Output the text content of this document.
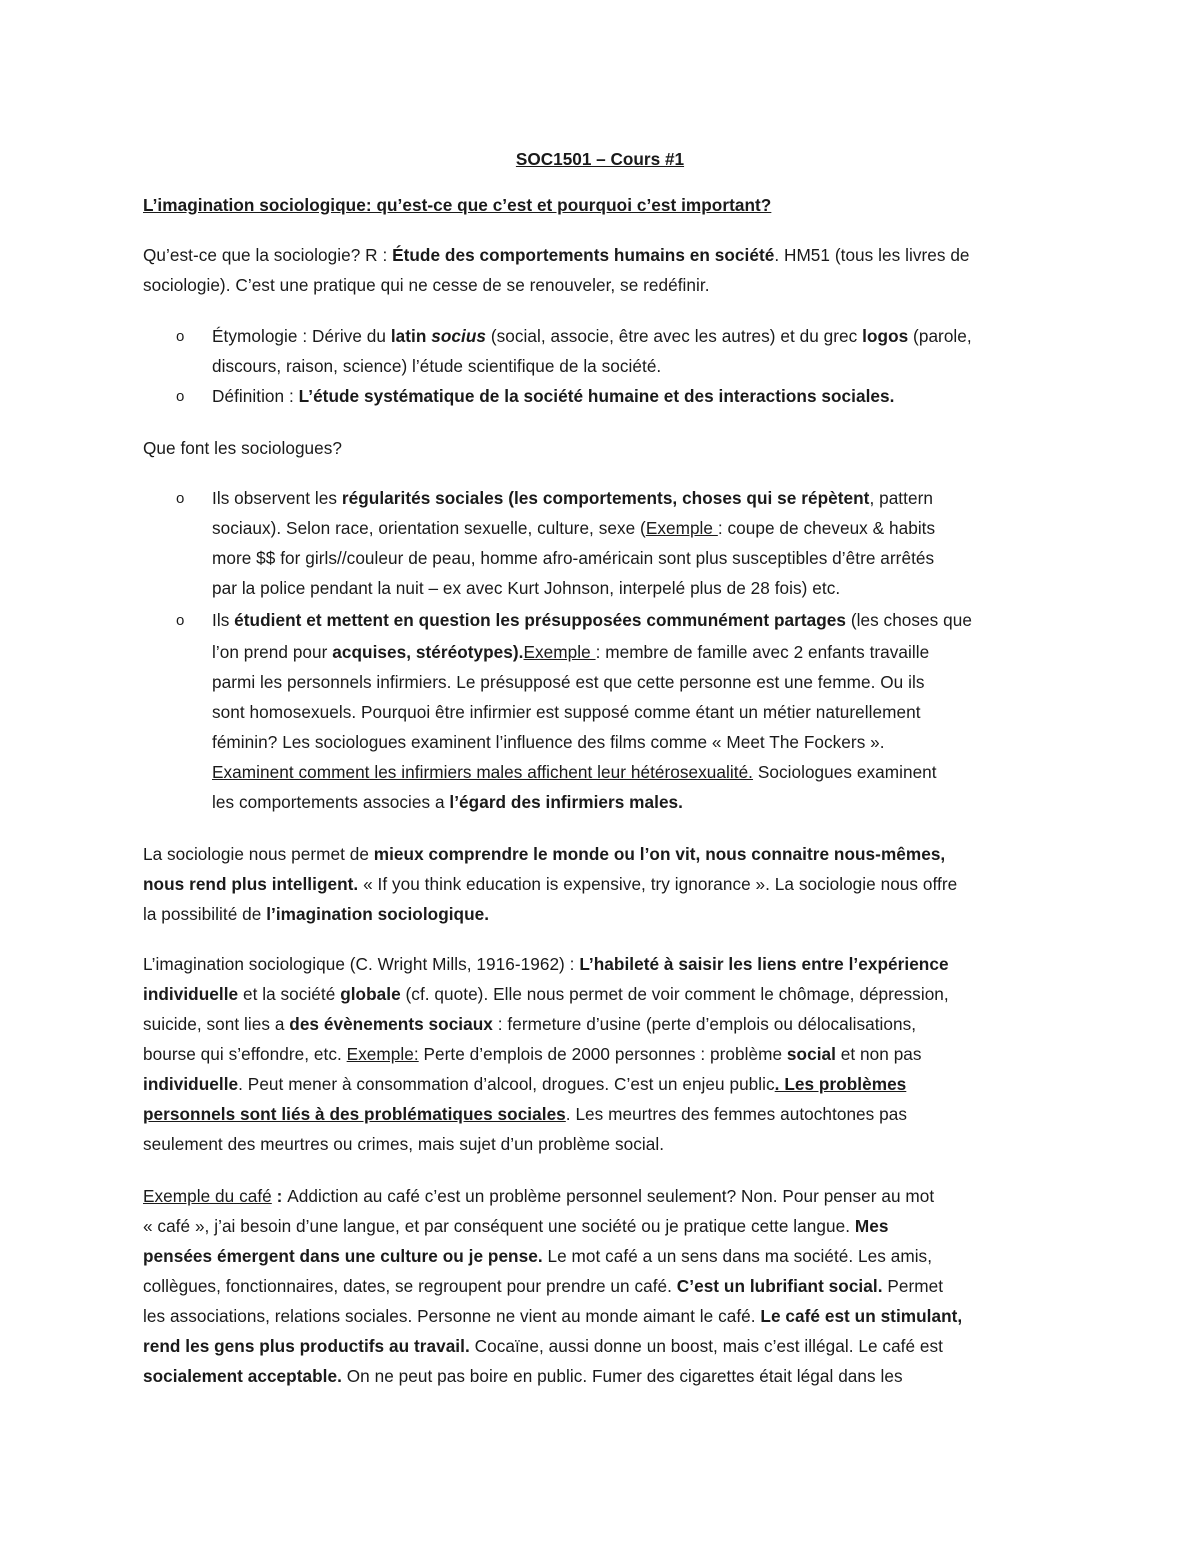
SOC1501 – Cours #1
L’imagination sociologique: qu’est-ce que c’est et pourquoi c’est important?
Qu’est-ce que la sociologie? R : Étude des comportements humains en société. HM51 (tous les livres de
sociologie). C’est une pratique qui ne cesse de se renouveler, se redéfinir.
o Étymologie : Dérive du latin socius (social, associe, être avec les autres) et du grec logos (parole,
discours, raison, science) l’étude scientifique de la société.
o Définition : L’étude systématique de la société humaine et des interactions sociales.
Que font les sociologues?
o Ils observent les régularités sociales (les comportements, choses qui se répètent, pattern
sociaux). Selon race, orientation sexuelle, culture, sexe (Exemple : coupe de cheveux & habits
more $$ for girls//couleur de peau, homme afro-américain sont plus susceptibles d’être arrêtés
par la police pendant la nuit – ex avec Kurt Johnson, interpelé plus de 28 fois) etc.
o Ils étudient et mettent en question les présupposées communément partages (les choses que
l’on prend pour acquises, stéréotypes).Exemple : membre de famille avec 2 enfants travaille
parmi les personnels infirmiers. Le présupposé est que cette personne est une femme. Ou ils
sont homosexuels. Pourquoi être infirmier est supposé comme étant un métier naturellement
féminin? Les sociologues examinent l’influence des films comme « Meet The Fockers ».
Examinent comment les infirmiers males affichent leur hétérosexualité. Sociologues examinent
les comportements associes a l’égard des infirmiers males.
La sociologie nous permet de mieux comprendre le monde ou l’on vit, nous connaitre nous-mêmes,
nous rend plus intelligent. « If you think education is expensive, try ignorance ». La sociologie nous offre
la possibilité de l’imagination sociologique.
L’imagination sociologique (C. Wright Mills, 1916-1962) : L’habileté à saisir les liens entre l’expérience
individuelle et la société globale (cf. quote). Elle nous permet de voir comment le chômage, dépression,
suicide, sont lies a des évènements sociaux : fermeture d’usine (perte d’emplois ou délocalisations,
bourse qui s’effondre, etc. Exemple: Perte d’emplois de 2000 personnes : problème social et non pas
individuelle. Peut mener à consommation d’alcool, drogues. C’est un enjeu public. Les problèmes
personnels sont liés à des problématiques sociales. Les meurtres des femmes autochtones pas
seulement des meurtres ou crimes, mais sujet d’un problème social.
Exemple du café : Addiction au café c’est un problème personnel seulement? Non. Pour penser au mot
« café », j’ai besoin d’une langue, et par conséquent une société ou je pratique cette langue. Mes
pensées émergent dans une culture ou je pense. Le mot café a un sens dans ma société. Les amis,
collègues, fonctionnaires, dates, se regroupent pour prendre un café. C’est un lubrifiant social. Permet
les associations, relations sociales. Personne ne vient au monde aimant le café. Le café est un stimulant,
rend les gens plus productifs au travail. Cocaïne, aussi donne un boost, mais c’est illégal. Le café est
socialement acceptable. On ne peut pas boire en public. Fumer des cigarettes était légal dans les
